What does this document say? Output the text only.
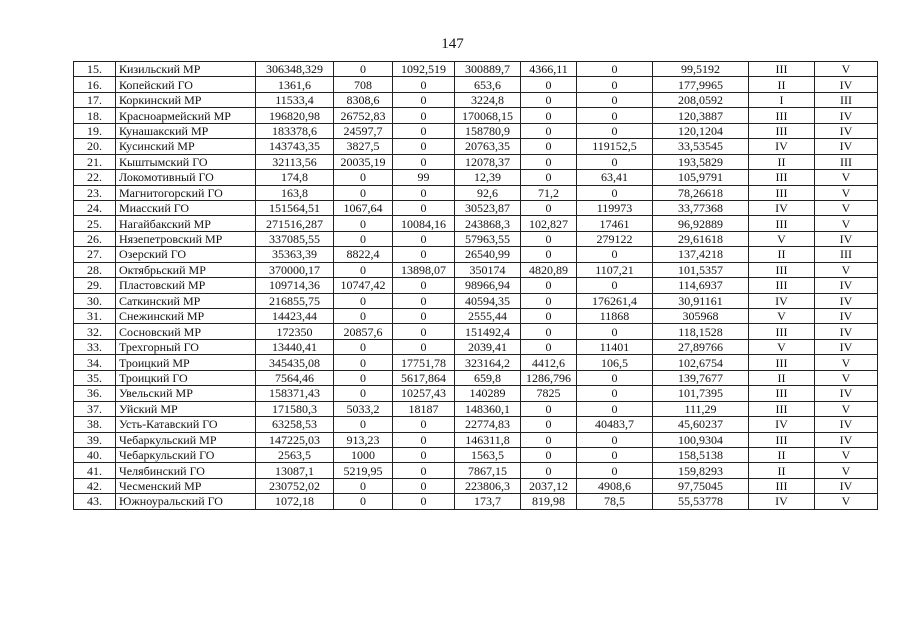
147
15.	Кизильский МР	306348,329	0	1092,519	300889,7	4366,11	0	99,5192	III	V
16.	Копейский ГО	1361,6	708	0	653,6	0	0	177,9965	II	IV
17.	Коркинский МР	11533,4	8308,6	0	3224,8	0	0	208,0592	I	III
18.	Красноармейский МР	196820,98	26752,83	0	170068,15	0	0	120,3887	III	IV
19.	Кунашакский МР	183378,6	24597,7	0	158780,9	0	0	120,1204	III	IV
20.	Кусинский МР	143743,35	3827,5	0	20763,35	0	119152,5	33,53545	IV	IV
21.	Кыштымский ГО	32113,56	20035,19	0	12078,37	0	0	193,5829	II	III
22.	Локомотивный ГО	174,8	0	99	12,39	0	63,41	105,9791	III	V
23.	Магнитогорский ГО	163,8	0	0	92,6	71,2	0	78,26618	III	V
24.	Миасский ГО	151564,51	1067,64	0	30523,87	0	119973	33,77368	IV	V
25.	Нагайбакский МР	271516,287	0	10084,16	243868,3	102,827	17461	96,92889	III	V
26.	Нязепетровский МР	337085,55	0	0	57963,55	0	279122	29,61618	V	IV
27.	Озерский ГО	35363,39	8822,4	0	26540,99	0	0	137,4218	II	III
28.	Октябрьский МР	370000,17	0	13898,07	350174	4820,89	1107,21	101,5357	III	V
29.	Пластовский МР	109714,36	10747,42	0	98966,94	0	0	114,6937	III	IV
30.	Саткинский МР	216855,75	0	0	40594,35	0	176261,4	30,91161	IV	IV
31.	Снежинский МР	14423,44	0	0	2555,44	0	11868	305968	V	IV
32.	Сосновский МР	172350	20857,6	0	151492,4	0	0	118,1528	III	IV
33.	Трехгорный ГО	13440,41	0	0	2039,41	0	11401	27,89766	V	IV
34.	Троицкий МР	345435,08	0	17751,78	323164,2	4412,6	106,5	102,6754	III	V
35.	Троицкий ГО	7564,46	0	5617,864	659,8	1286,796	0	139,7677	II	V
36.	Увельский МР	158371,43	0	10257,43	140289	7825	0	101,7395	III	IV
37.	Уйский МР	171580,3	5033,2	18187	148360,1	0	0	111,29	III	V
38.	Усть-Катавский ГО	63258,53	0	0	22774,83	0	40483,7	45,60237	IV	IV
39.	Чебаркульский МР	147225,03	913,23	0	146311,8	0	0	100,9304	III	IV
40.	Чебаркульский ГО	2563,5	1000	0	1563,5	0	0	158,5138	II	V
41.	Челябинский ГО	13087,1	5219,95	0	7867,15	0	0	159,8293	II	V
42.	Чесменский МР	230752,02	0	0	223806,3	2037,12	4908,6	97,75045	III	IV
43.	Южноуральский ГО	1072,18	0	0	173,7	819,98	78,5	55,53778	IV	V
